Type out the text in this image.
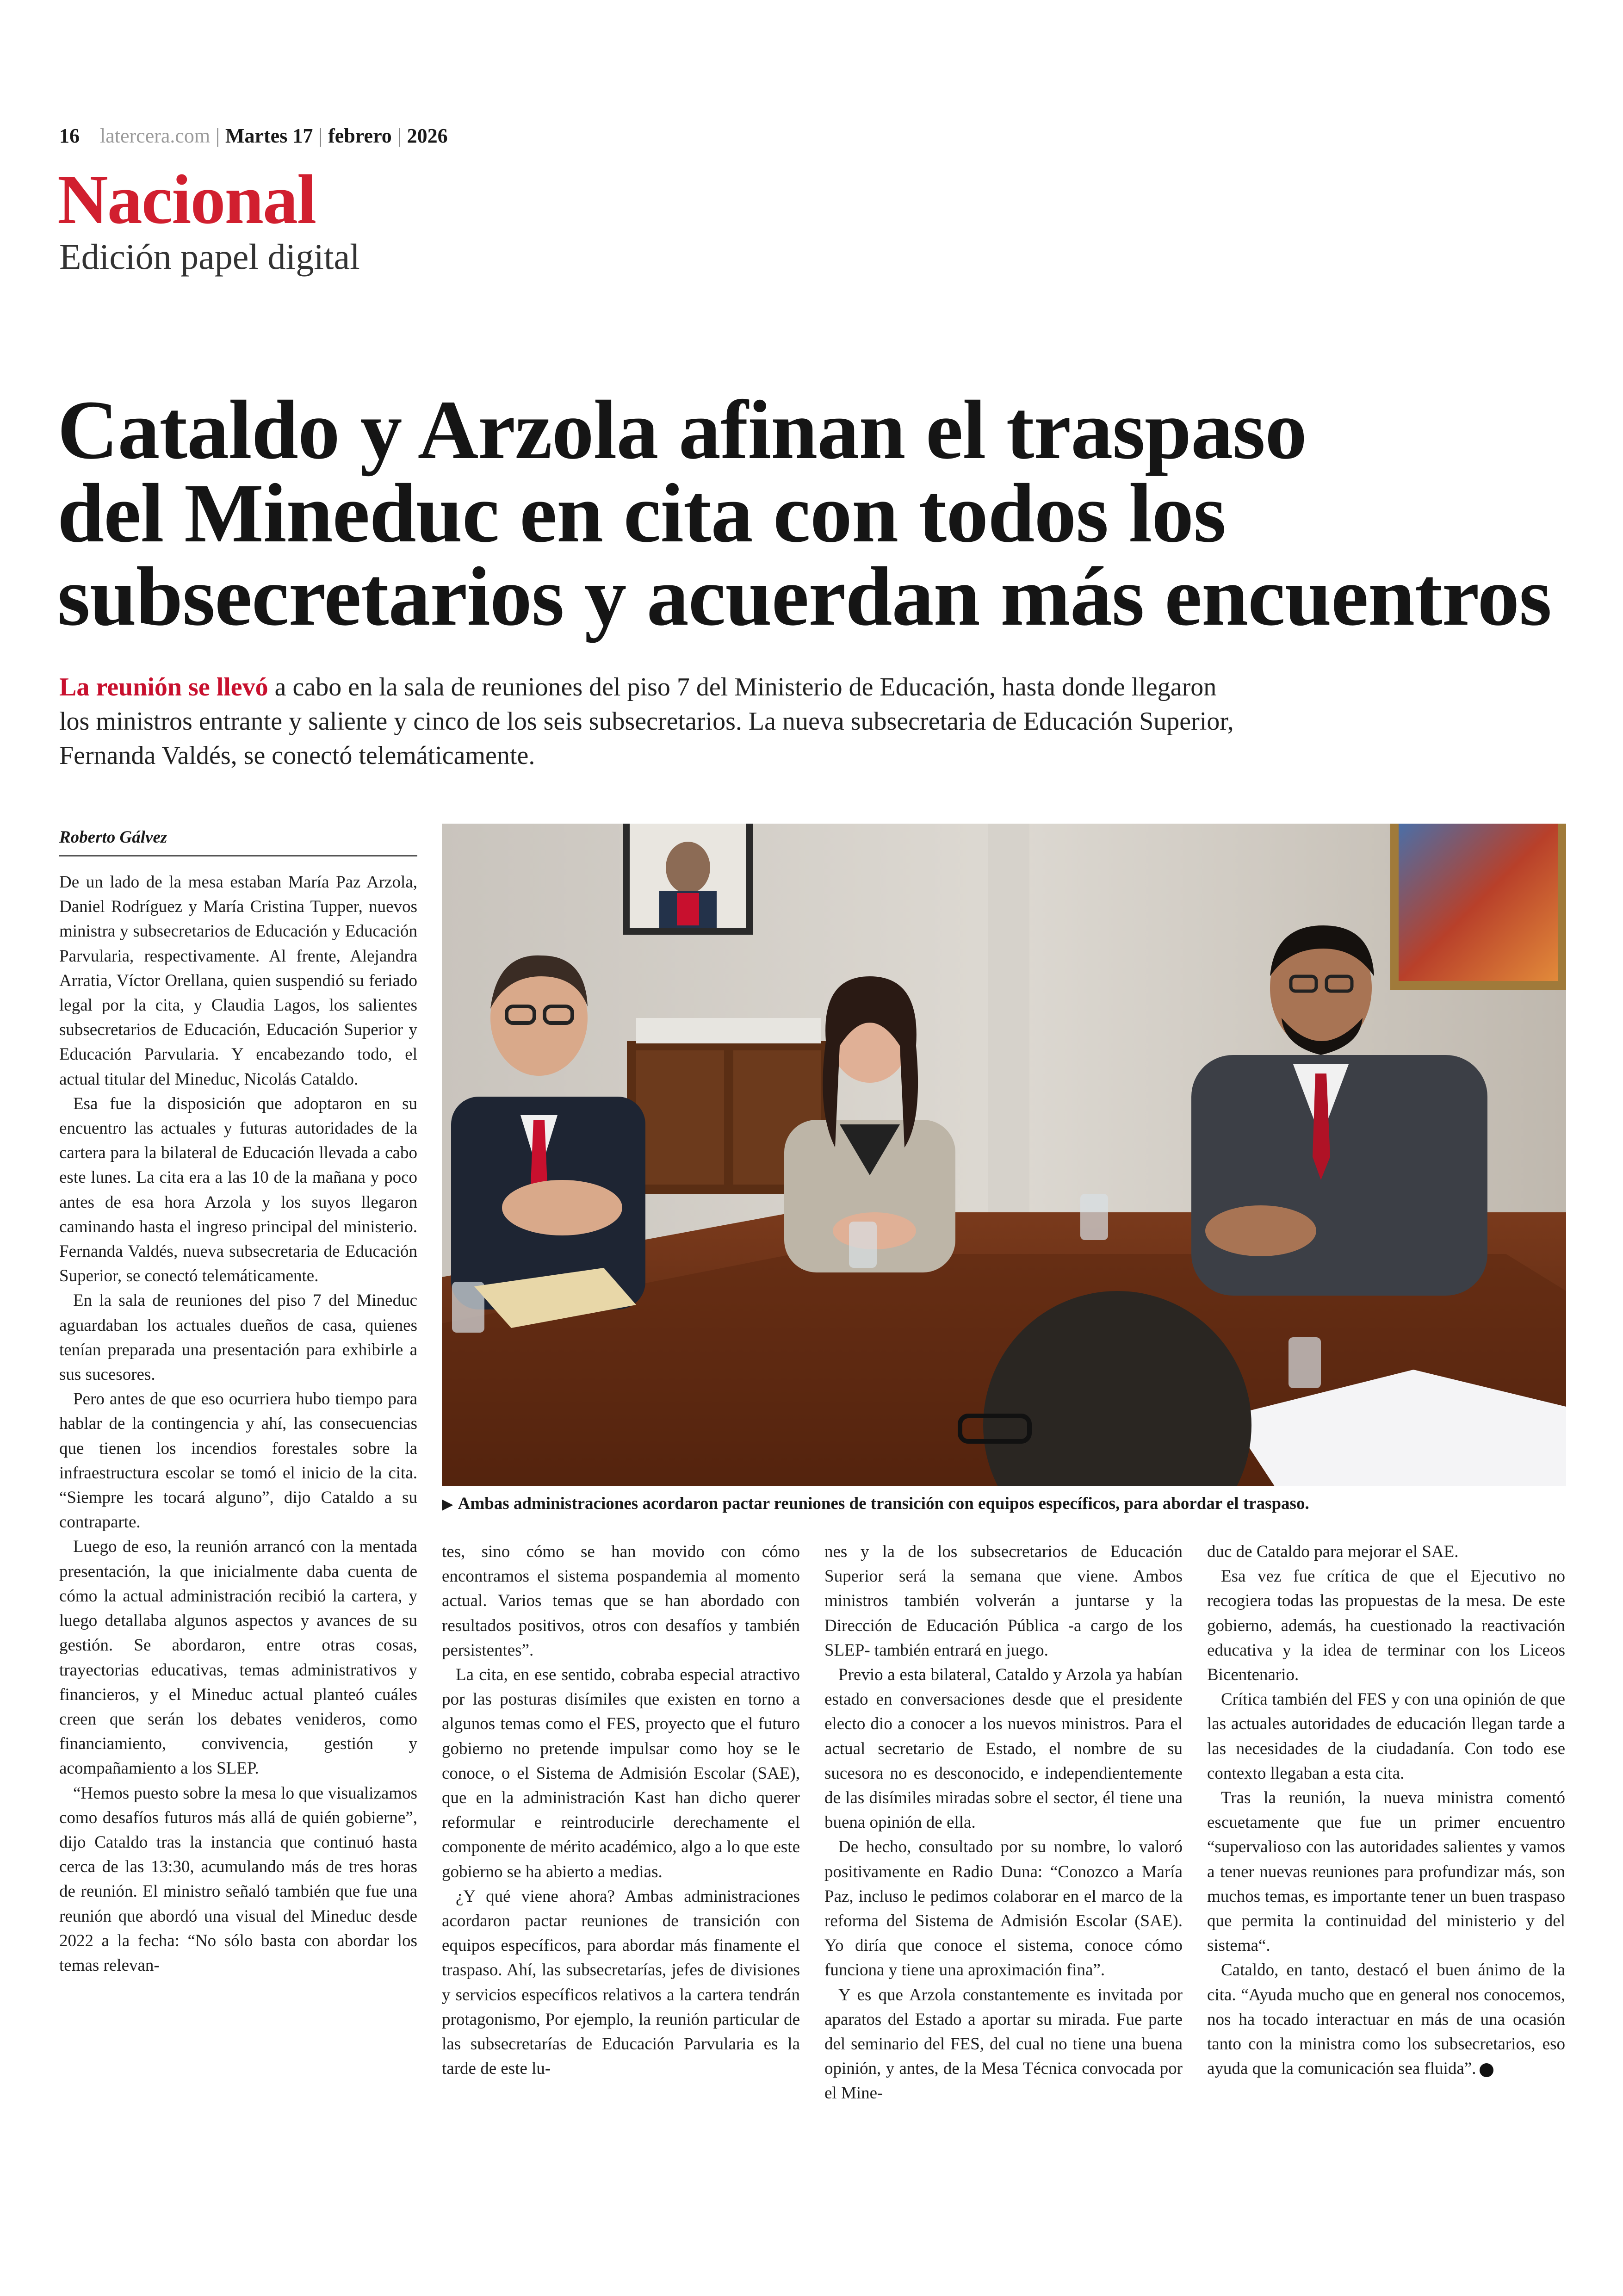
16 latercera.com | Martes 17 | febrero | 2026
Nacional
Edición papel digital
Cataldo y Arzola afinan el traspaso
del Mineduc en cita con todos los
subsecretarios y acuerdan más encuentros
La reunión se llevó a cabo en la sala de reuniones del piso 7 del Ministerio de Educación, hasta donde llegaron
los ministros entrante y saliente y cinco de los seis subsecretarios. La nueva subsecretaria de Educación Superior,
Fernanda Valdés, se conectó telemáticamente.
Roberto Gálvez

De un lado de la mesa estaban María Paz Arzola, Daniel Rodríguez y María Cristina Tupper, nuevos ministra y subsecretarios de Educación y Educación Parvularia, respectivamente. Al frente, Alejandra Arratia, Víctor Orellana, quien suspendió su feriado legal por la cita, y Claudia Lagos, los salientes subsecretarios de Educación, Educación Superior y Educación Parvularia. Y encabezando todo, el actual titular del Mineduc, Nicolás Cataldo.

Esa fue la disposición que adoptaron en su encuentro las actuales y futuras autoridades de la cartera para la bilateral de Educación llevada a cabo este lunes. La cita era a las 10 de la mañana y poco antes de esa hora Arzola y los suyos llegaron caminando hasta el ingreso principal del ministerio. Fernanda Valdés, nueva subsecretaria de Educación Superior, se conectó telemáticamente.

En la sala de reuniones del piso 7 del Mineduc aguardaban los actuales dueños de casa, quienes tenían preparada una presentación para exhibirle a sus sucesores.

Pero antes de que eso ocurriera hubo tiempo para hablar de la contingencia y ahí, las consecuencias que tienen los incendios forestales sobre la infraestructura escolar se tomó el inicio de la cita. “Siempre les tocará alguno”, dijo Cataldo a su contraparte.

Luego de eso, la reunión arrancó con la mentada presentación, la que inicialmente daba cuenta de cómo la actual administración recibió la cartera, y luego detallaba algunos aspectos y avances de su gestión. Se abordaron, entre otras cosas, trayectorias educativas, temas administrativos y financieros, y el Mineduc actual planteó cuáles creen que serán los debates venideros, como financiamiento, convivencia, gestión y acompañamiento a los SLEP.

“Hemos puesto sobre la mesa lo que visualizamos como desafíos futuros más allá de quién gobierne”, dijo Cataldo tras la instancia que continuó hasta cerca de las 13:30, acumulando más de tres horas de reunión. El ministro señaló también que fue una reunión que abordó una visual del Mineduc desde 2022 a la fecha: “No sólo basta con abordar los temas relevan-

▶ Ambas administraciones acordaron pactar reuniones de transición con equipos específicos, para abordar el traspaso.

tes, sino cómo se han movido con cómo encontramos el sistema pospandemia al momento actual. Varios temas que se han abordado con resultados positivos, otros con desafíos y también persistentes”.

La cita, en ese sentido, cobraba especial atractivo por las posturas disímiles que existen en torno a algunos temas como el FES, proyecto que el futuro gobierno no pretende impulsar como hoy se le conoce, o el Sistema de Admisión Escolar (SAE), que en la administración Kast han dicho querer reformular e reintroducirle derechamente el componente de mérito académico, algo a lo que este gobierno se ha abierto a medias.

¿Y qué viene ahora? Ambas administraciones acordaron pactar reuniones de transición con equipos específicos, para abordar más finamente el traspaso. Ahí, las subsecretarías, jefes de divisiones y servicios específicos relativos a la cartera tendrán protagonismo, Por ejemplo, la reunión particular de las subsecretarías de Educación Parvularia es la tarde de este lu-

nes y la de los subsecretarios de Educación Superior será la semana que viene. Ambos ministros también volverán a juntarse y la Dirección de Educación Pública -a cargo de los SLEP- también entrará en juego.

Previo a esta bilateral, Cataldo y Arzola ya habían estado en conversaciones desde que el presidente electo dio a conocer a los nuevos ministros. Para el actual secretario de Estado, el nombre de su sucesora no es desconocido, e independientemente de las disímiles miradas sobre el sector, él tiene una buena opinión de ella.

De hecho, consultado por su nombre, lo valoró positivamente en Radio Duna: “Conozco a María Paz, incluso le pedimos colaborar en el marco de la reforma del Sistema de Admisión Escolar (SAE). Yo diría que conoce el sistema, conoce cómo funciona y tiene una aproximación fina”.

Y es que Arzola constantemente es invitada por aparatos del Estado a aportar su mirada. Fue parte del seminario del FES, del cual no tiene una buena opinión, y antes, de la Mesa Técnica convocada por el Mine-

duc de Cataldo para mejorar el SAE.

Esa vez fue crítica de que el Ejecutivo no recogiera todas las propuestas de la mesa. De este gobierno, además, ha cuestionado la reactivación educativa y la idea de terminar con los Liceos Bicentenario.

Crítica también del FES y con una opinión de que las actuales autoridades de educación llegan tarde a las necesidades de la ciudadanía. Con todo ese contexto llegaban a esta cita.

Tras la reunión, la nueva ministra comentó escuetamente que fue un primer encuentro “supervalioso con las autoridades salientes y vamos a tener nuevas reuniones para profundizar más, son muchos temas, es importante tener un buen traspaso que permita la continuidad del ministerio y del sistema“.

Cataldo, en tanto, destacó el buen ánimo de la cita. “Ayuda mucho que en general nos conocemos, nos ha tocado interactuar en más de una ocasión tanto con la ministra como los subsecretarios, eso ayuda que la comunicación sea fluida”.
